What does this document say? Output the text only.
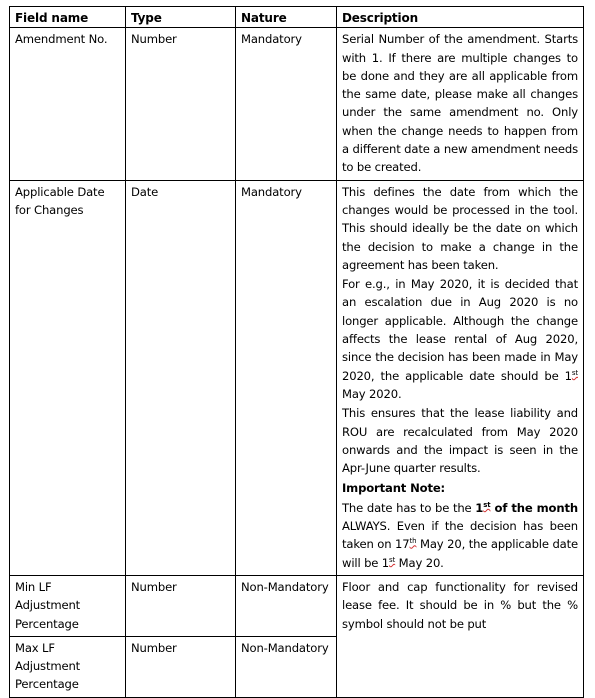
Field name	Type	Nature	Description
Amendment No.	Number	Mandatory	Serial Number of the amendment. Starts with 1. If there are multiple changes to be done and they are all applicable from the same date, please make all changes under the same amendment no. Only when the change needs to happen from a different date a new amendment needs to be created.

Applicable Date for Changes	Date	Mandatory	This defines the date from which the changes would be processed in the tool. This should ideally be the date on which the decision to make a change in the agreement has been taken.

For e.g., in May 2020, it is decided that an escalation due in Aug 2020 is no longer applicable. Although the change affects the lease rental of Aug 2020, since the decision has been made in May 2020, the applicable date should be 1st May 2020.

This ensures that the lease liability and ROU are recalculated from May 2020 onwards and the impact is seen in the Apr-June quarter results.

Important Note:

The date has to be the 1st of the month ALWAYS. Even if the decision has been taken on 17th May 20, the applicable date will be 1st May 20.

Min LF Adjustment Percentage	Number	Non-Mandatory	Floor and cap functionality for revised lease fee. It should be in % but the % symbol should not be put

Max LF Adjustment Percentage	Number	Non-Mandatory	
